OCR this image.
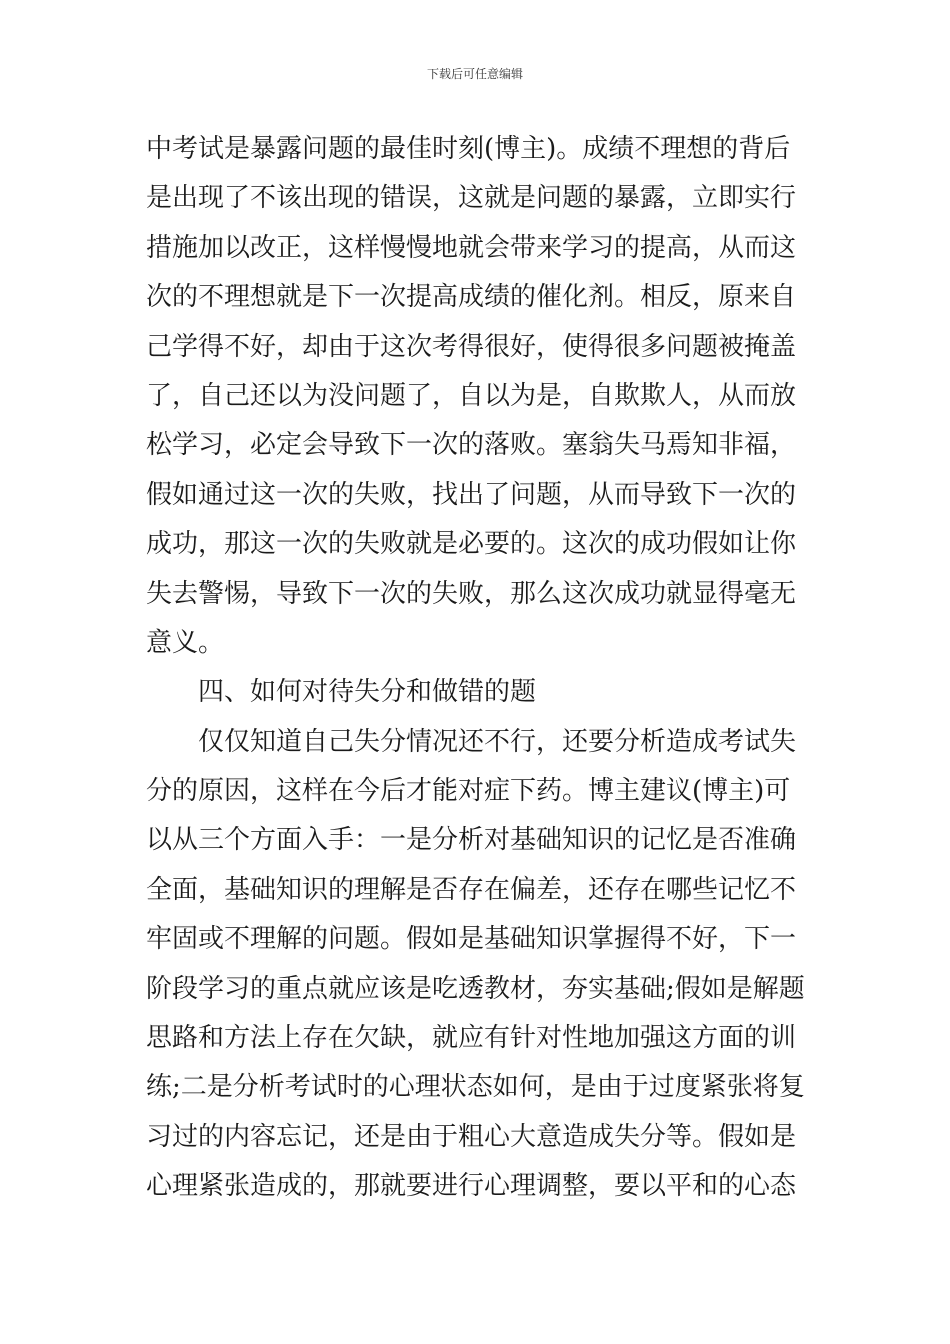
下载后可任意编辑
中考试是暴露问题的最佳时刻(博主)。成绩不理想的背后
是出现了不该出现的错误，这就是问题的暴露，立即实行
措施加以改正，这样慢慢地就会带来学习的提高，从而这
次的不理想就是下一次提高成绩的催化剂。相反，原来自
己学得不好，却由于这次考得很好，使得很多问题被掩盖
了，自己还以为没问题了，自以为是，自欺欺人，从而放
松学习，必定会导致下一次的落败。塞翁失马焉知非福，
假如通过这一次的失败，找出了问题，从而导致下一次的
成功，那这一次的失败就是必要的。这次的成功假如让你
失去警惕，导致下一次的失败，那么这次成功就显得毫无
意义。
四、如何对待失分和做错的题
仅仅知道自己失分情况还不行，还要分析造成考试失
分的原因，这样在今后才能对症下药。博主建议(博主)可
以从三个方面入手：一是分析对基础知识的记忆是否准确
全面，基础知识的理解是否存在偏差，还存在哪些记忆不
牢固或不理解的问题。假如是基础知识掌握得不好，下一
阶段学习的重点就应该是吃透教材，夯实基础;假如是解题
思路和方法上存在欠缺，就应有针对性地加强这方面的训
练;二是分析考试时的心理状态如何，是由于过度紧张将复
习过的内容忘记，还是由于粗心大意造成失分等。假如是
心理紧张造成的，那就要进行心理调整，要以平和的心态
